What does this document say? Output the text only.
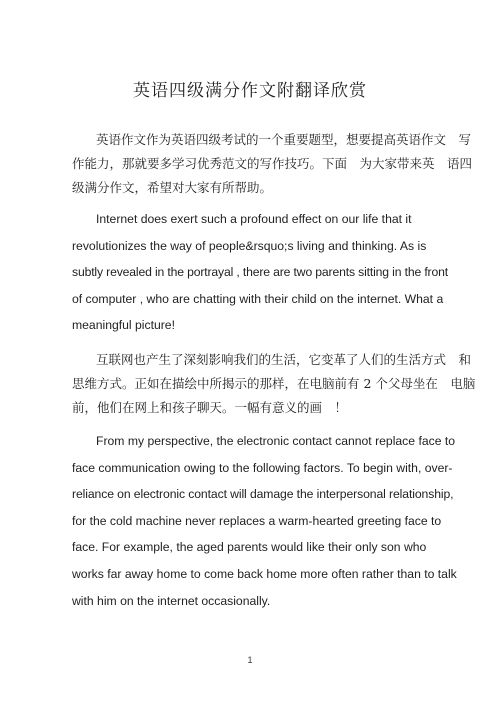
英语四级满分作文附翻译欣赏
英语作文作为英语四级考试的一个重要题型，想要提高英语作文　写
作能力，那就要多学习优秀范文的写作技巧。下面　为大家带来英　语四
级满分作文，希望对大家有所帮助。
Internet does exert such a profound effect on our life that it
revolutionizes the way of people&rsquo;s living and thinking. As is
subtly revealed in the portrayal , there are two parents sitting in the front
of computer , who are chatting with their child on the internet. What a
meaningful picture!
互联网也产生了深刻影响我们的生活，它变革了人们的生活方式　和
思维方式。正如在描绘中所揭示的那样，在电脑前有 2 个父母坐在　电脑
前，他们在网上和孩子聊天。一幅有意义的画　！
From my perspective, the electronic contact cannot replace face to
face communication owing to the following factors. To begin with, over-
reliance on electronic contact will damage the interpersonal relationship,
for the cold machine never replaces a warm-hearted greeting face to
face. For example, the aged parents would like their only son who
works far away home to come back home more often rather than to talk
with him on the internet occasionally.
1
